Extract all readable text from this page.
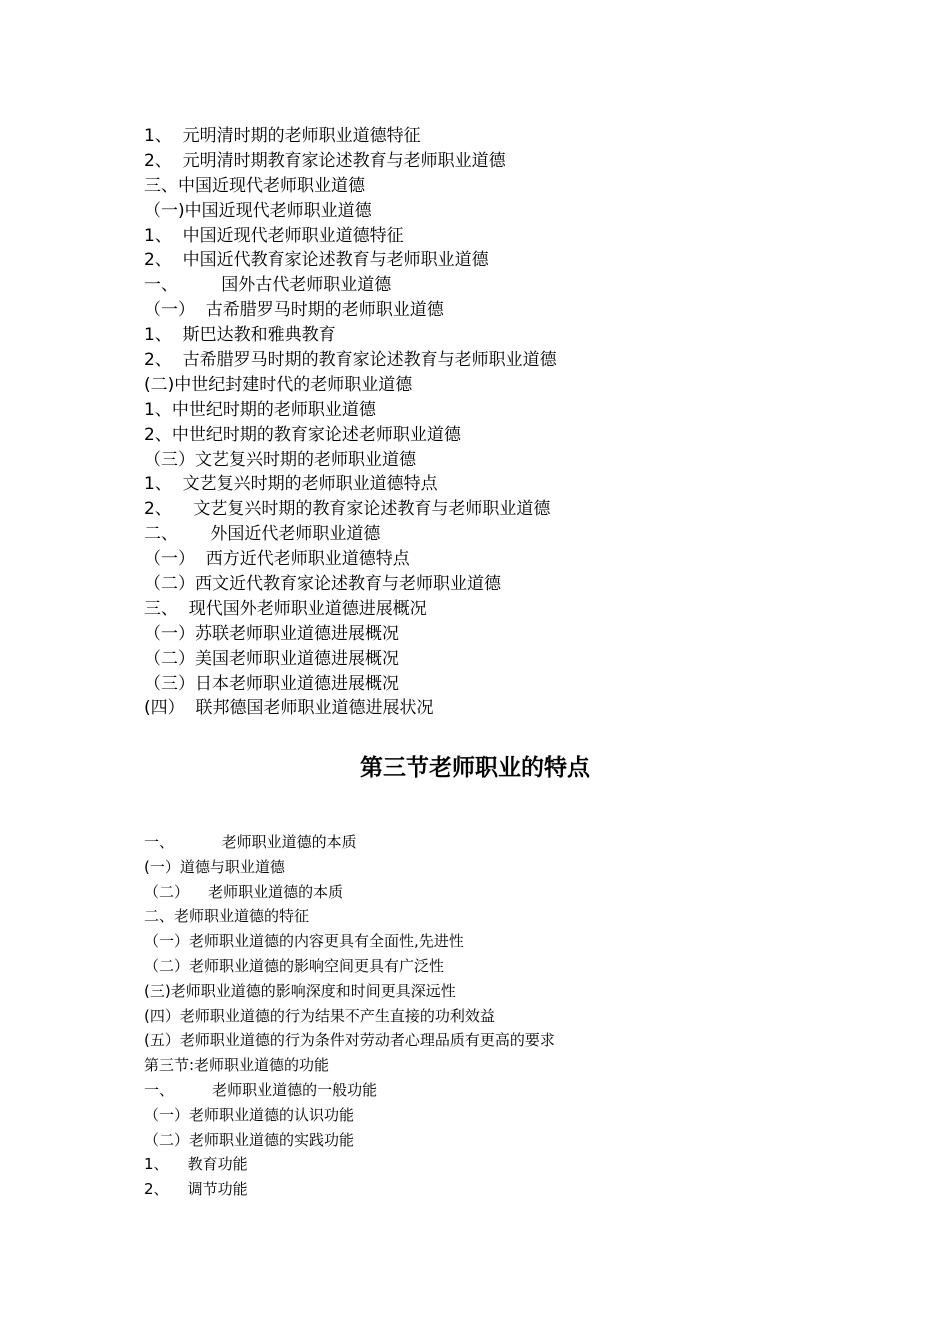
1、  元明清时期的老师职业道德特征
2、  元明清时期教育家论述教育与老师职业道德
三、中国近现代老师职业道德
（一)中国近现代老师职业道德
1、  中国近现代老师职业道德特征
2、  中国近代教育家论述教育与老师职业道德
一、        国外古代老师职业道德
（一）  古希腊罗马时期的老师职业道德
1、  斯巴达教和雅典教育
2、  古希腊罗马时期的教育家论述教育与老师职业道德
(二)中世纪封建时代的老师职业道德
1、中世纪时期的老师职业道德
2、中世纪时期的教育家论述老师职业道德
（三）文艺复兴时期的老师职业道德
1、  文艺复兴时期的老师职业道德特点
2、    文艺复兴时期的教育家论述教育与老师职业道德
二、      外国近代老师职业道德
（一）  西方近代老师职业道德特点
（二）西文近代教育家论述教育与老师职业道德
三、  现代国外老师职业道德进展概况
（一）苏联老师职业道德进展概况
（二）美国老师职业道德进展概况
（三）日本老师职业道德进展概况
(四）  联邦德国老师职业道德进展状况
第三节老师职业的特点
一、          老师职业道德的本质
(一）道德与职业道德
（二）    老师职业道德的本质
二、老师职业道德的特征
（一）老师职业道德的内容更具有全面性,先进性
（二）老师职业道德的影响空间更具有广泛性
(三)老师职业道德的影响深度和时间更具深远性
(四）老师职业道德的行为结果不产生直接的功利效益
(五）老师职业道德的行为条件对劳动者心理品质有更高的要求
第三节:老师职业道德的功能
一、        老师职业道德的一般功能
（一）老师职业道德的认识功能
（二）老师职业道德的实践功能
1、    教育功能
2、    调节功能
